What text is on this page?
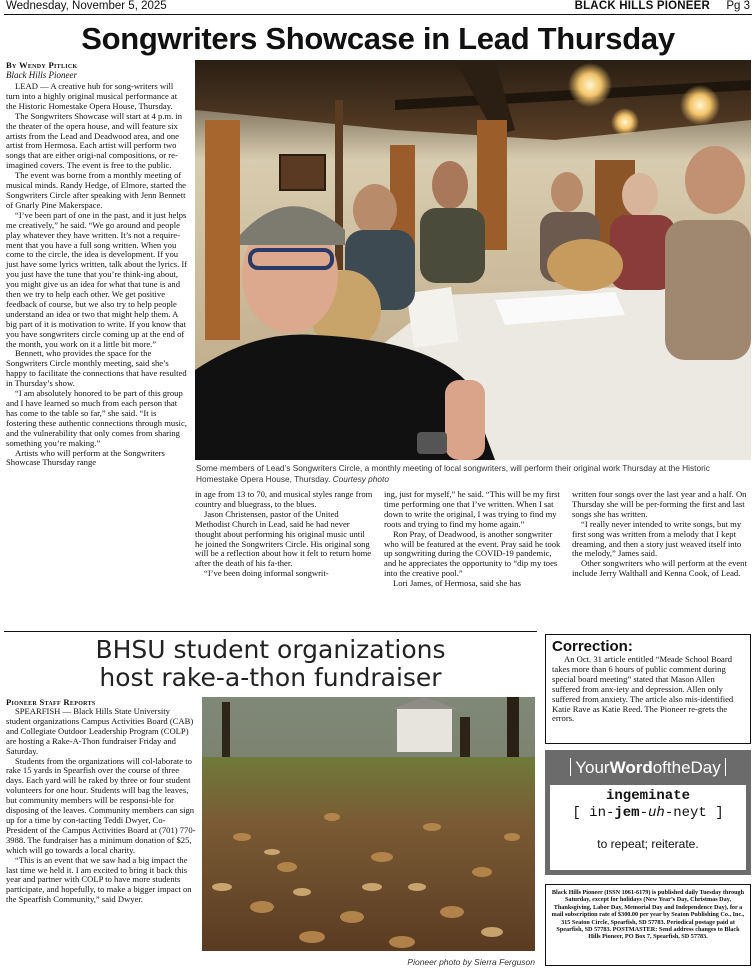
Wednesday, November 5, 2025	BLACK HILLS PIONEER Pg 3
Songwriters Showcase in Lead Thursday
By Wendy Pitlick
Black Hills Pioneer

LEAD — A creative hub for song-writers will turn into a highly original musical performance at the Historic Homestake Opera House, Thursday.

The Songwriters Showcase will start at 4 p.m. in the theater of the opera house, and will feature six artists from the Lead and Deadwood area, and one artist from Hermosa. Each artist will perform two songs that are either origi-nal compositions, or re-imagined covers. The event is free to the public.

The event was borne from a monthly meeting of musical minds. Randy Hedge, of Elmore, started the Songwriters Circle after speaking with Jenn Bennett of Gnarly Pine Makerspace.

“I’ve been part of one in the past, and it just helps me creatively,” he said. “We go around and people play whatever they have written. It’s not a require-ment that you have a full song written. When you come to the circle, the idea is development. If you just have some lyrics written, talk about the lyrics. If you just have the tune that you’re think-ing about, you might give us an idea for what that tune is and then we try to help each other. We get positive feedback of course, but we also try to help people understand an idea or two that might help them. A big part of it is motivation to write. If you know that you have songwriters circle coming up at the end of the month, you work on it a little bit more.”

Bennett, who provides the space for the Songwriters Circle monthly meeting, said she’s happy to facilitate the connections that have resulted in Thursday’s show.

“I am absolutely honored to be part of this group and I have learned so much from each person that has come to the table so far,” she said. “It is fostering these authentic connections through music, and the vulnerability that only comes from sharing something you’re making.”

Artists who will perform at the Songwriters Showcase Thursday range

Some members of Lead’s Songwriters Circle, a monthly meeting of local songwriters, will perform their original work Thursday at the Historic Homestake Opera House, Thursday. Courtesy photo

in age from 13 to 70, and musical styles range from country and bluegrass, to the blues.

Jason Christensen, pastor of the United Methodist Church in Lead, said he had never thought about performing his original music until he joined the Songwriters Circle. His original song will be a reflection about how it felt to return home after the death of his fa-ther.

“I’ve been doing informal songwrit-

ing, just for myself,” he said. “This will be my first time performing one that I’ve written. When I sat down to write the original, I was trying to find my roots and trying to find my home again.”

Ron Pray, of Deadwood, is another songwriter who will be featured at the event. Pray said he took up songwriting during the COVID-19 pandemic, and he appreciates the opportunity to “dip my toes into the creative pool.”

Lori James, of Hermosa, said she has

written four songs over the last year and a half. On Thursday she will be per-forming the first and last songs she has written.

“I really never intended to write songs, but my first song was written from a melody that I kept dreaming, and then a story just weaved itself into the melody,” James said.

Other songwriters who will perform at the event include Jerry Walthall and Kenna Cook, of Lead.

BHSU student organizations
host rake-a-thon fundraiser
Pioneer Staff Reports

SPEARFISH — Black Hills State University student organizations Campus Activities Board (CAB) and Collegiate Outdoor Leadership Program (COLP) are hosting a Rake-A-Thon fundraiser Friday and Saturday.

Students from the organizations will col-laborate to rake 15 yards in Spearfish over the course of three days. Each yard will be raked by three or four student volunteers for one hour. Students will bag the leaves, but community members will be responsi-ble for disposing of the leaves. Community members can sign up for a time by con-tacting Teddi Dwyer, Co-President of the Campus Activities Board at (701) 770-3988. The fundraiser has a minimum donation of $25, which will go towards a local charity.

“This is an event that we saw had a big impact the last time we held it. I am excited to bring it back this year and partner with COLP to have more students participate, and hopefully, to make a bigger impact on the Spearfish Community,” said Dwyer.

Pioneer photo by Sierra Ferguson
Correction:
An Oct. 31 article entitled “Meade School Board takes more than 6 hours of public comment during special board meeting” stated that Mason Allen suffered from anx-iety and depression. Allen only suffered from anxiety. The article also mis-identified Katie Rave as Katie Reed. The Pioneer re-grets the errors.
YourWordoftheDay
ingeminate
[ in-jem-uh-neyt ]
to repeat; reiterate.
Black Hills Pioneer (ISSN 1061-6179) is published daily Tuesday through Saturday, except for holidays (New Year’s Day, Christmas Day, Thanksgiving, Labor Day, Memorial Day and Independence Day), for a mail subscription rate of $300.00 per year by Seaton Publishing Co., Inc., 315 Seaton Circle, Spearfish, SD 57783. Periodical postage paid at Spearfish, SD 57783. POSTMASTER: Send address changes to Black Hills Pioneer, PO Box 7, Spearfish, SD 57783.
